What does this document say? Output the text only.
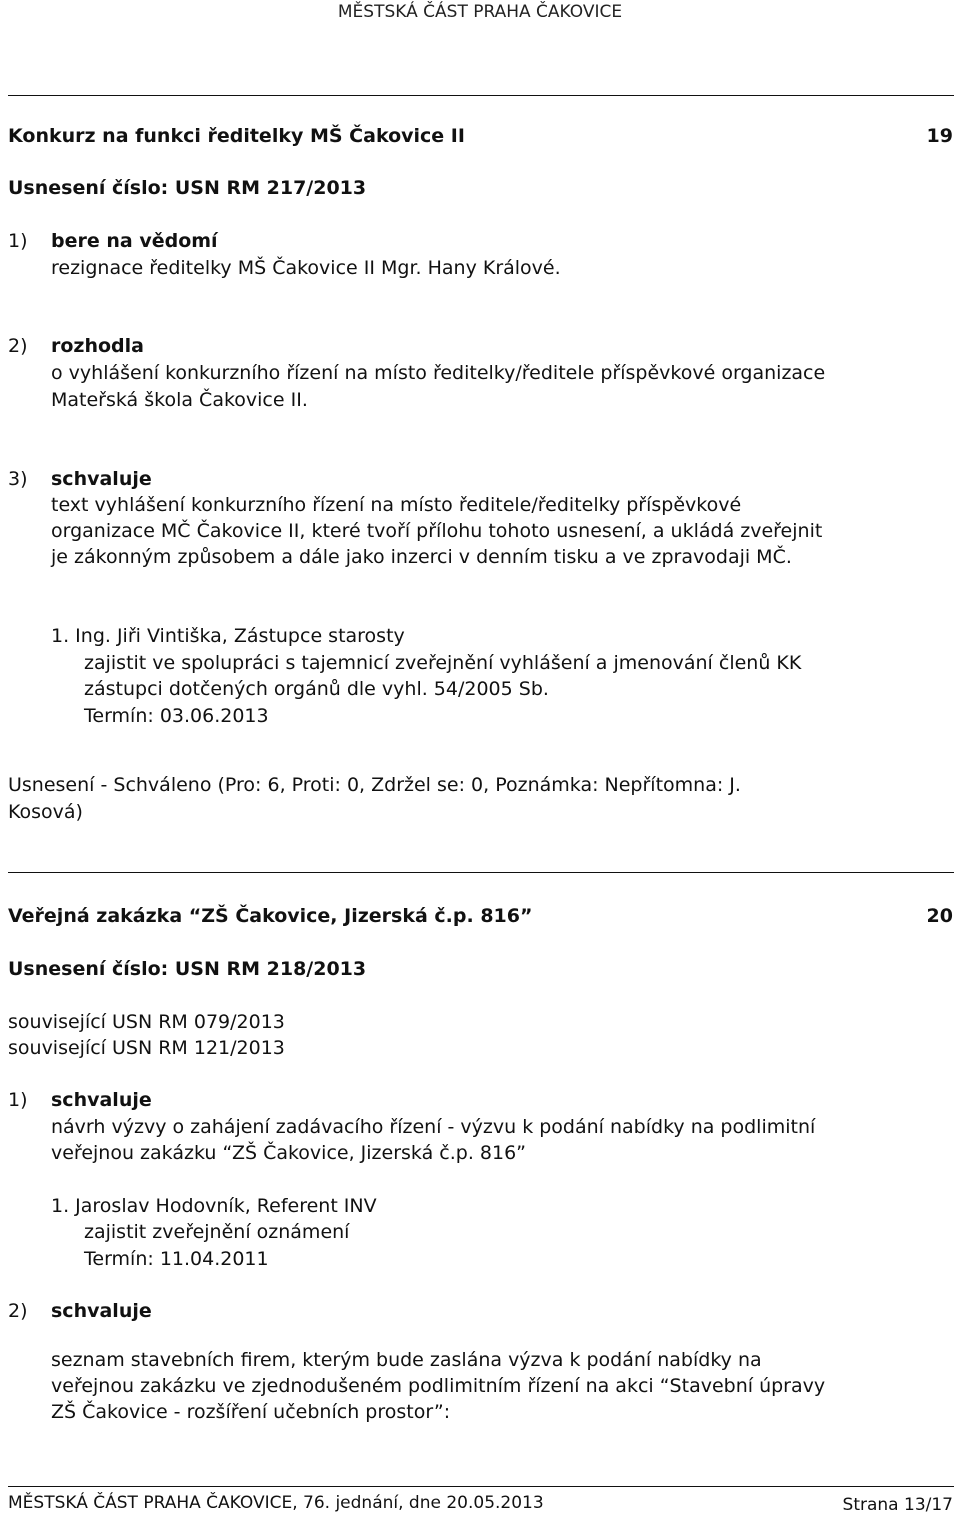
MĚSTSKÁ ČÁST PRAHA ČAKOVICE
Konkurz na funkci ředitelky MŠ Čakovice II	19
Usnesení číslo: USN RM 217/2013
1) bere na vědomí
rezignace ředitelky MŠ Čakovice II Mgr. Hany Králové.
2) rozhodla
o vyhlášení konkurzního řízení na místo ředitelky/ředitele příspěvkové organizace
Mateřská škola Čakovice II.
3) schvaluje
text vyhlášení konkurzního řízení na místo ředitele/ředitelky příspěvkové
organizace MČ Čakovice II, které tvoří přílohu tohoto usnesení, a ukládá zveřejnit
je zákonným způsobem a dále jako inzerci v denním tisku a ve zpravodaji MČ.
1. Ing. Jiři Vintiška, Zástupce starosty
zajistit ve spolupráci s tajemnicí zveřejnění vyhlášení a jmenování členů KK
zástupci dotčených orgánů dle vyhl. 54/2005 Sb.
Termín: 03.06.2013
Usnesení - Schváleno (Pro: 6, Proti: 0, Zdržel se: 0, Poznámka: Nepřítomna: J.
Kosová)
Veřejná zakázka “ZŠ Čakovice, Jizerská č.p. 816”	20
Usnesení číslo: USN RM 218/2013
související USN RM 079/2013
související USN RM 121/2013
1) schvaluje
návrh výzvy o zahájení zadávacího řízení - výzvu k podání nabídky na podlimitní
veřejnou zakázku “ZŠ Čakovice, Jizerská č.p. 816”
1. Jaroslav Hodovník, Referent INV
zajistit zveřejnění oznámení
Termín: 11.04.2011
2) schvaluje
seznam stavebních firem, kterým bude zaslána výzva k podání nabídky na
veřejnou zakázku ve zjednodušeném podlimitním řízení na akci “Stavební úpravy
ZŠ Čakovice - rozšíření učebních prostor”:
MĚSTSKÁ ČÁST PRAHA ČAKOVICE, 76. jednání, dne 20.05.2013	Strana 13/17
